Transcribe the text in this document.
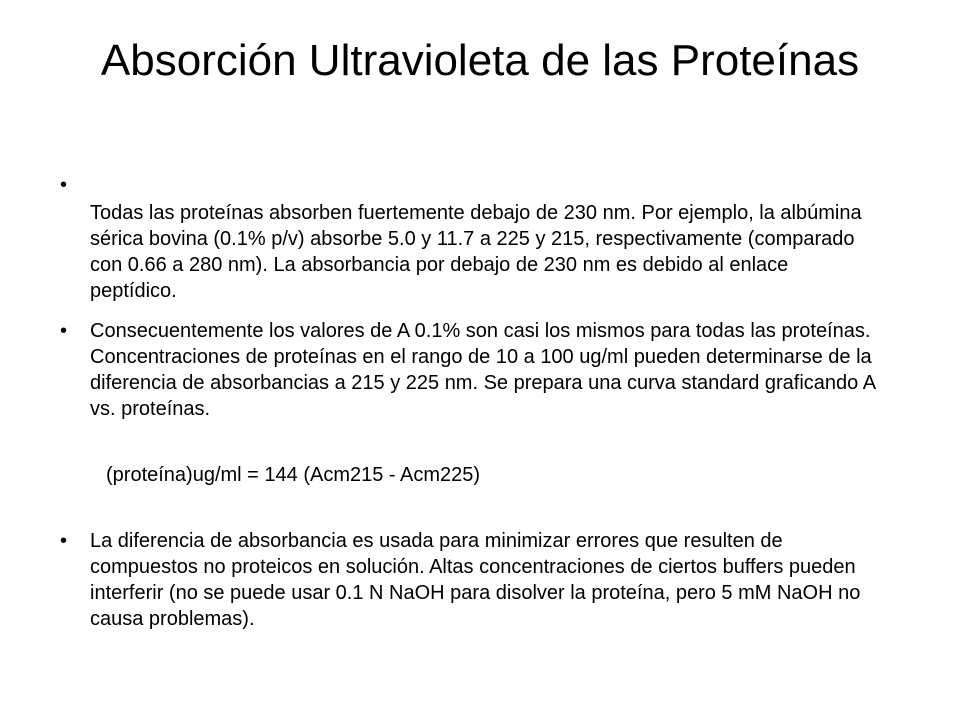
Absorción Ultravioleta de las Proteínas
•
Todas las proteínas absorben fuertemente debajo de 230 nm. Por ejemplo, la albúmina sérica bovina (0.1% p/v) absorbe 5.0 y 11.7 a 225 y 215, respectivamente (comparado con 0.66 a 280 nm). La absorbancia por debajo de 230 nm es debido al enlace peptídico.
•	Consecuentemente los valores de A 0.1% son casi los mismos para todas las proteínas. Concentraciones de proteínas en el rango de 10 a 100 ug/ml pueden determinarse de la diferencia de absorbancias a 215 y 225 nm. Se prepara una curva standard graficando A vs. proteínas.
(proteína)ug/ml = 144 (Acm215 - Acm225)
•	La diferencia de absorbancia es usada para minimizar errores que resulten de compuestos no proteicos en solución. Altas concentraciones de ciertos buffers pueden interferir (no se puede usar 0.1 N NaOH para disolver la proteína, pero 5 mM NaOH no causa problemas).
